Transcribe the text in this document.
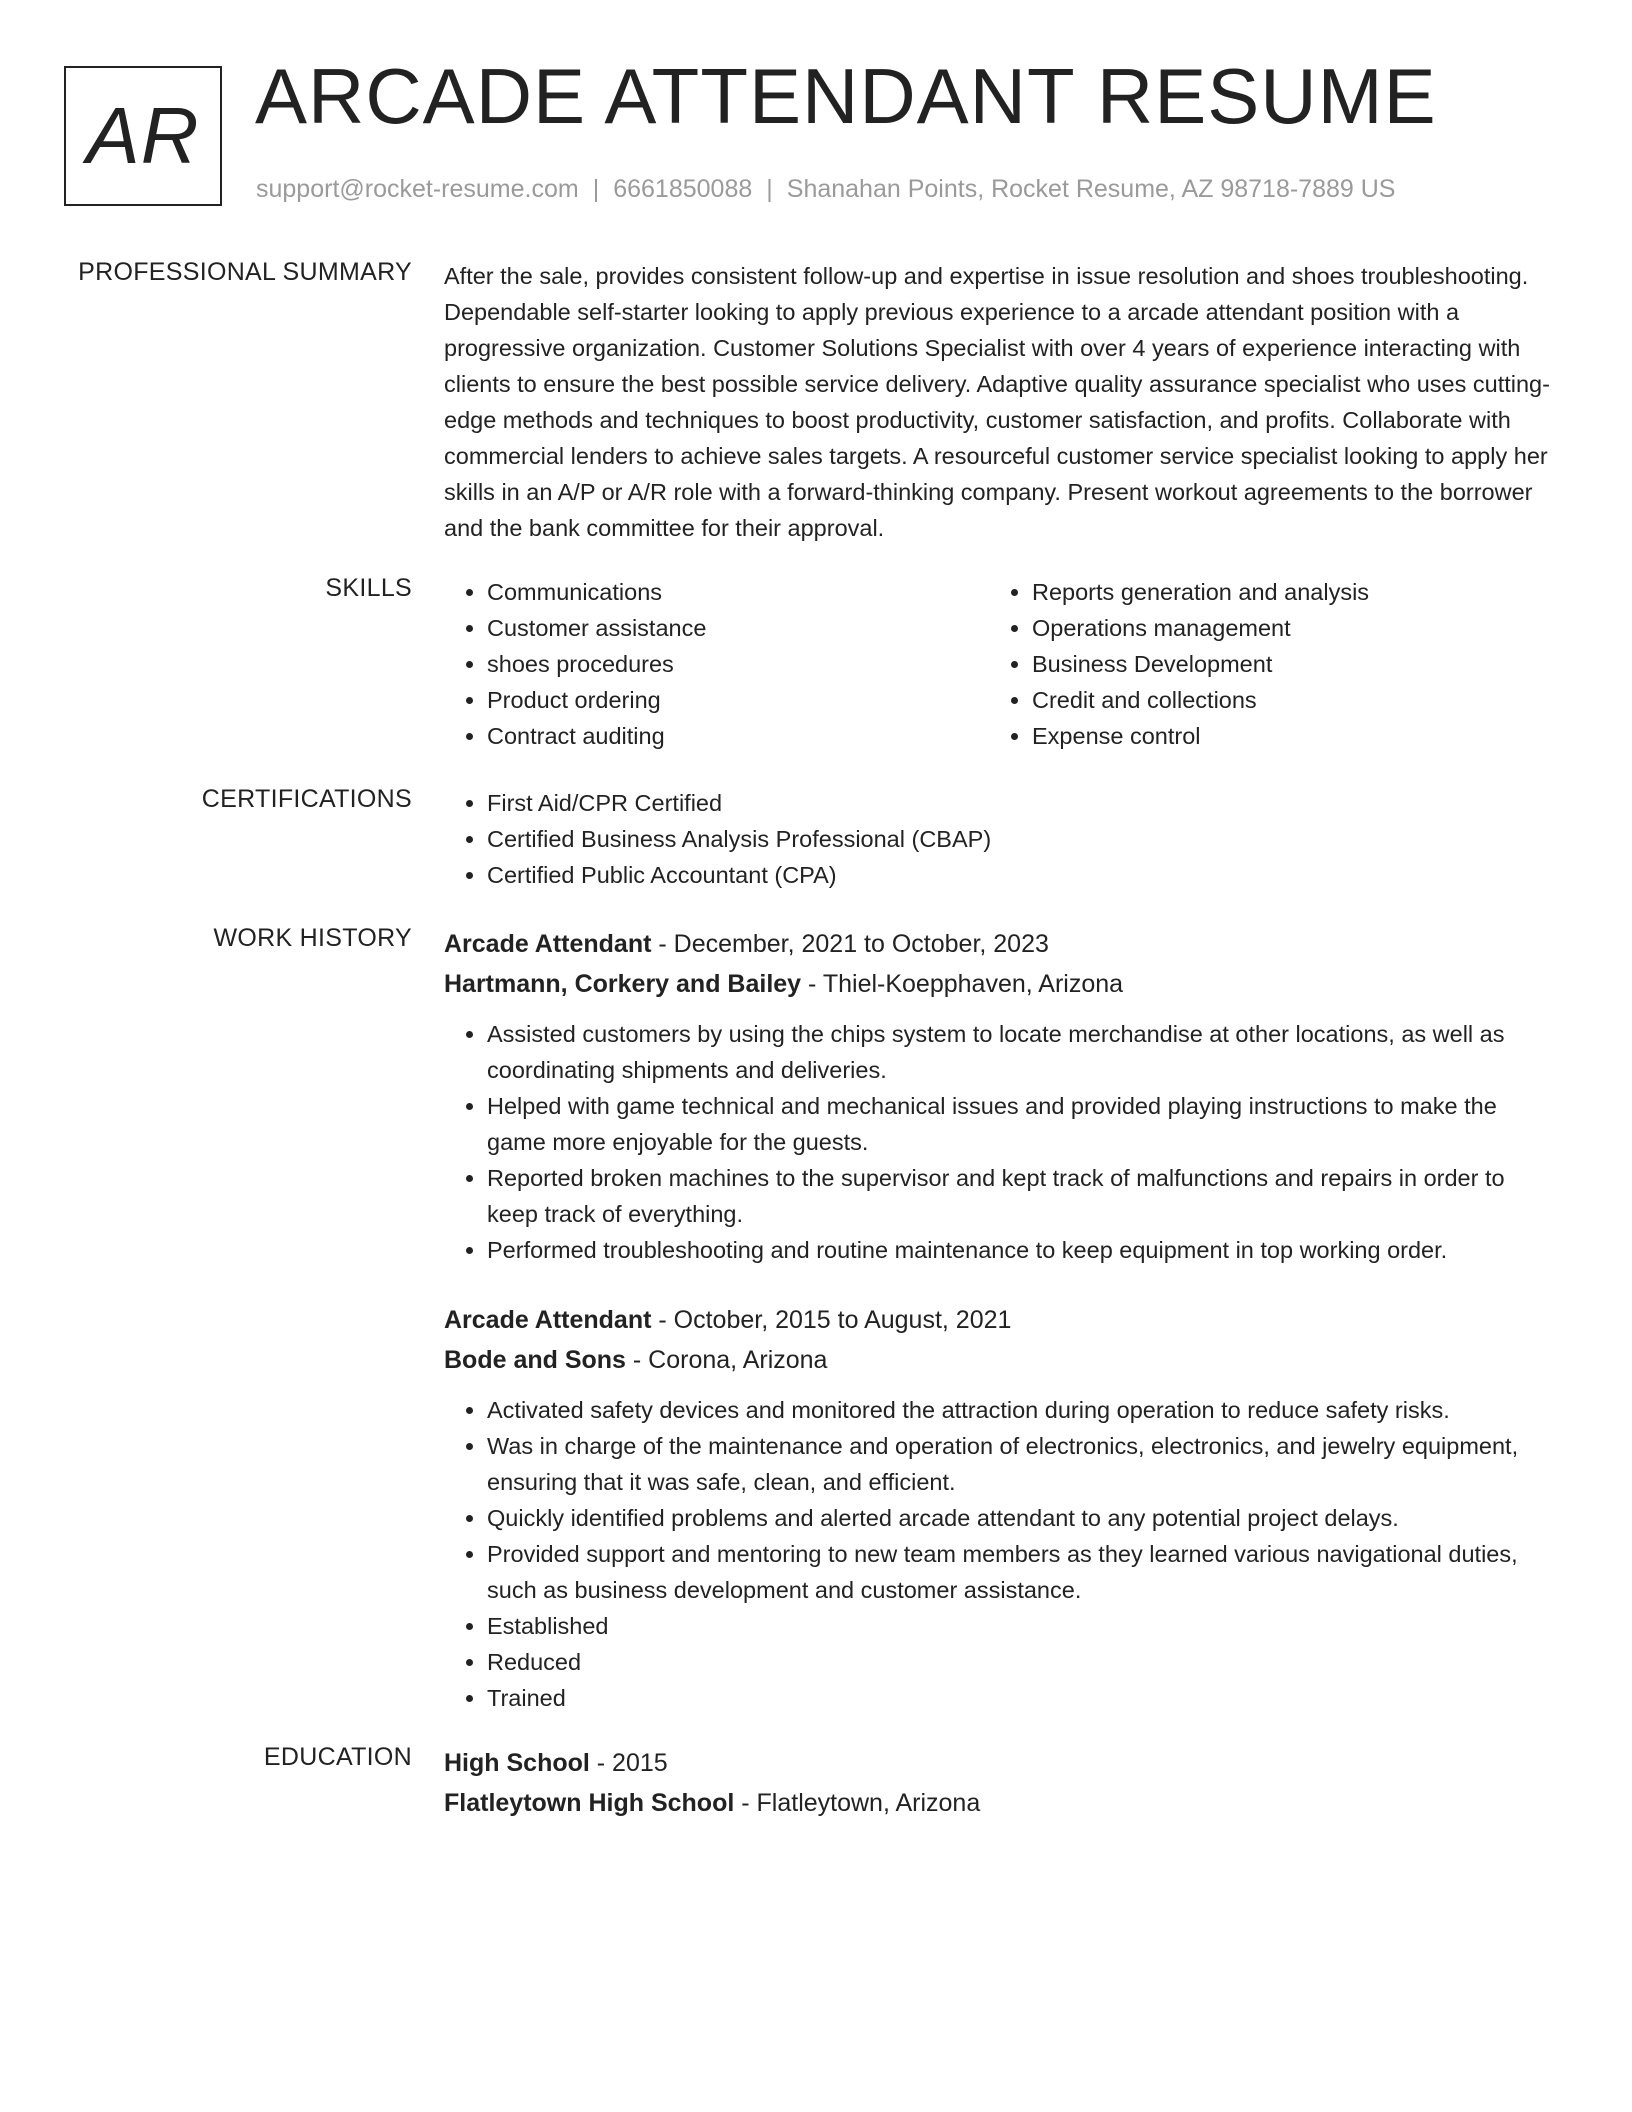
AR ARCADE ATTENDANT RESUME
support@rocket-resume.com | 6661850088 | Shanahan Points, Rocket Resume, AZ 98718-7889 US
PROFESSIONAL SUMMARY After the sale, provides consistent follow-up and expertise in issue resolution and shoes troubleshooting. Dependable self-starter looking to apply previous experience to a arcade attendant position with a progressive organization. Customer Solutions Specialist with over 4 years of experience interacting with clients to ensure the best possible service delivery. Adaptive quality assurance specialist who uses cutting-edge methods and techniques to boost productivity, customer satisfaction, and profits. Collaborate with commercial lenders to achieve sales targets. A resourceful customer service specialist looking to apply her skills in an A/P or A/R role with a forward-thinking company. Present workout agreements to the borrower and the bank committee for their approval.

SKILLS	• Communications
• Customer assistance
• shoes procedures
• Product ordering
• Contract auditing
• Reports generation and analysis
• Operations management
• Business Development
• Credit and collections
• Expense control
CERTIFICATIONS	• First Aid/CPR Certified
• Certified Business Analysis Professional (CBAP)
• Certified Public Accountant (CPA)
WORK HISTORY Arcade Attendant - December, 2021 to October, 2023
Hartmann, Corkery and Bailey - Thiel-Koepphaven, Arizona
• Assisted customers by using the chips system to locate merchandise at other locations, as well as coordinating shipments and deliveries.
• Helped with game technical and mechanical issues and provided playing instructions to make the game more enjoyable for the guests.
• Reported broken machines to the supervisor and kept track of malfunctions and repairs in order to keep track of everything.
• Performed troubleshooting and routine maintenance to keep equipment in top working order.
Arcade Attendant - October, 2015 to August, 2021
Bode and Sons - Corona, Arizona
• Activated safety devices and monitored the attraction during operation to reduce safety risks.
• Was in charge of the maintenance and operation of electronics, electronics, and jewelry equipment, ensuring that it was safe, clean, and efficient.
• Quickly identified problems and alerted arcade attendant to any potential project delays.
• Provided support and mentoring to new team members as they learned various navigational duties, such as business development and customer assistance.
• Established
• Reduced
• Trained
EDUCATION High School - 2015
Flatleytown High School - Flatleytown, Arizona
